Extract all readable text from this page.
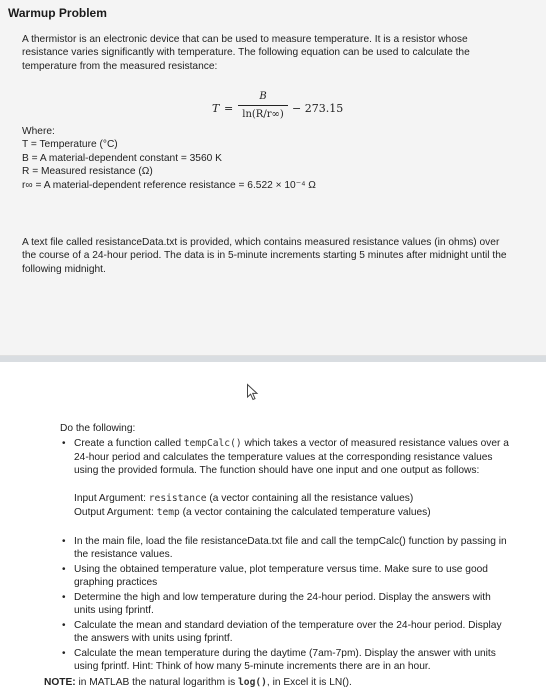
Warmup Problem
A thermistor is an electronic device that can be used to measure temperature. It is a resistor whose resistance varies significantly with temperature. The following equation can be used to calculate the temperature from the measured resistance:
T =
B
ln(R/r∞) − 273.15
Where:
T = Temperature (°C)
B = A material-dependent constant = 3560 K
R = Measured resistance (Ω)
r∞ = A material-dependent reference resistance = 6.522 × 10⁻⁴ Ω
A text file called resistanceData.txt is provided, which contains measured resistance values (in ohms) over the course of a 24-hour period. The data is in 5-minute increments starting 5 minutes after midnight until the following midnight.
Do the following:
• Create a function called tempCalc() which takes a vector of measured resistance values over a 24-hour period and calculates the temperature values at the corresponding resistance values using the provided formula. The function should have one input and one output as follows:
Input Argument: resistance (a vector containing all the resistance values)
Output Argument: temp (a vector containing the calculated temperature values)
• In the main file, load the file resistanceData.txt file and call the tempCalc() function by passing in the resistance values.
• Using the obtained temperature value, plot temperature versus time. Make sure to use good graphing practices
• Determine the high and low temperature during the 24-hour period. Display the answers with units using fprintf.
• Calculate the mean and standard deviation of the temperature over the 24-hour period. Display the answers with units using fprintf.
• Calculate the mean temperature during the daytime (7am-7pm). Display the answer with units using fprintf. Hint: Think of how many 5-minute increments there are in an hour.
NOTE: in MATLAB the natural logarithm is log(), in Excel it is LN().
